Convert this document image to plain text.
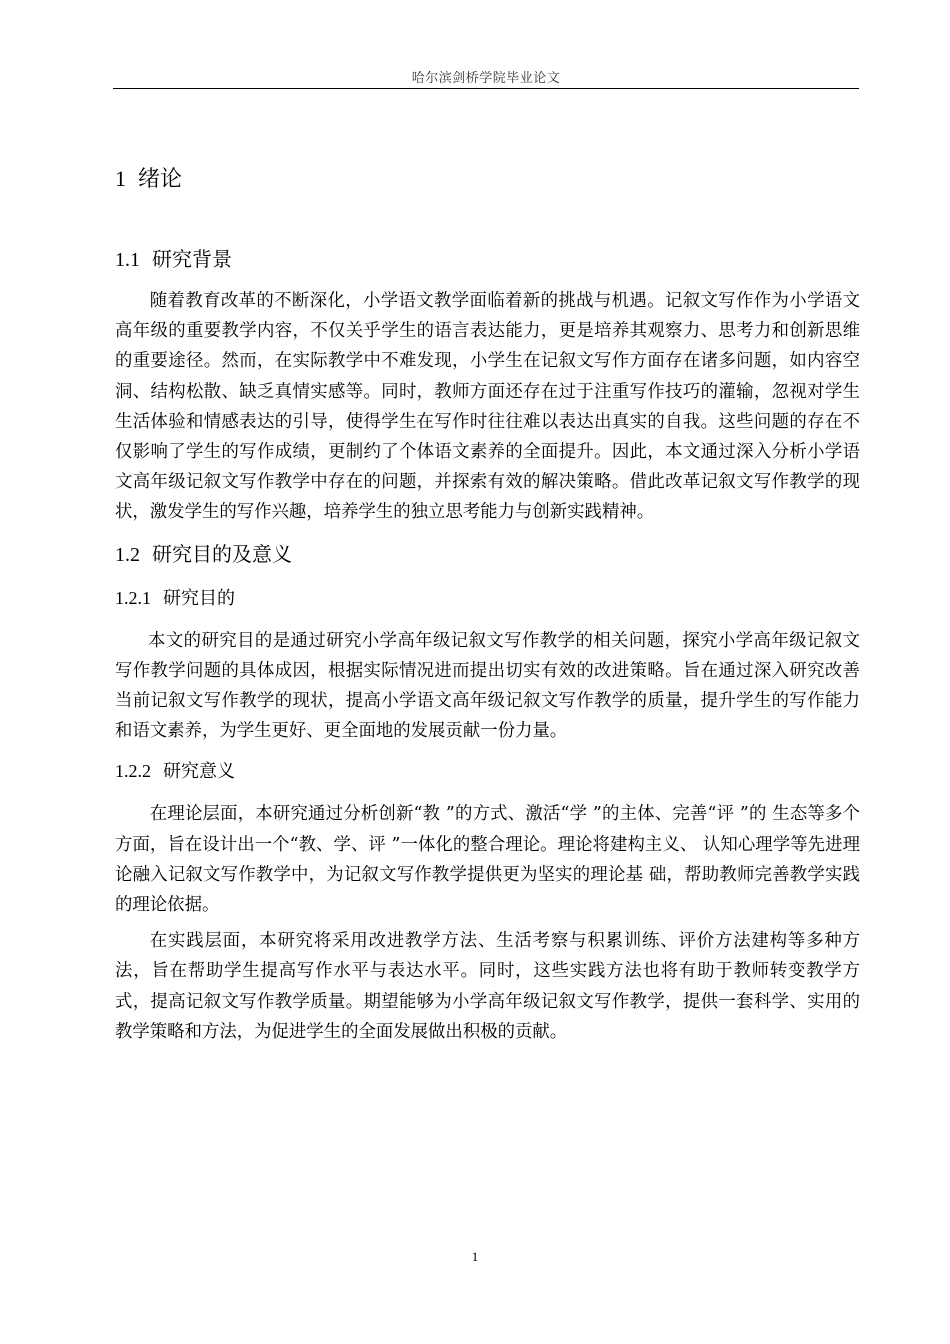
哈尔滨剑桥学院毕业论文
1 绪论
1.1 研究背景

随着教育改革的不断深化，小学语文教学面临着新的挑战与机遇。记叙文写作作为小学语文高年级的重要教学内容，不仅关乎学生的语言表达能力，更是培养其观察力、思考力和创新思维的重要途径。然而，在实际教学中不难发现，小学生在记叙文写作方面存在诸多问题，如内容空洞、结构松散、缺乏真情实感等。同时，教师方面还存在过于注重写作技巧的灌输，忽视对学生生活体验和情感表达的引导，使得学生在写作时往往难以表达出真实的自我。这些问题的存在不仅影响了学生的写作成绩，更制约了个体语文素养的全面提升。因此，本文通过深入分析小学语文高年级记叙文写作教学中存在的问题，并探索有效的解决策略。借此改革记叙文写作教学的现状，激发学生的写作兴趣，培养学生的独立思考能力与创新实践精神。

1.2 研究目的及意义
1.2.1 研究目的

本文的研究目的是通过研究小学高年级记叙文写作教学的相关问题，探究小学高年级记叙文写作教学问题的具体成因，根据实际情况进而提出切实有效的改进策略。旨在通过深入研究改善当前记叙文写作教学的现状，提高小学语文高年级记叙文写作教学的质量，提升学生的写作能力和语文素养，为学生更好、更全面地的发展贡献一份力量。

1.2.2 研究意义

在理论层面，本研究通过分析创新“教 ”的方式、激活“学 ”的主体、完善“评 ”的 生态等多个方面，旨在设计出一个“教、学、评 ”一体化的整合理论。理论将建构主义、 认知心理学等先进理论融入记叙文写作教学中，为记叙文写作教学提供更为坚实的理论基 础，帮助教师完善教学实践的理论依据。

在实践层面，本研究将采用改进教学方法、生活考察与积累训练、评价方法建构等多种方法，旨在帮助学生提高写作水平与表达水平。同时，这些实践方法也将有助于教师转变教学方式，提高记叙文写作教学质量。期望能够为小学高年级记叙文写作教学，提供一套科学、实用的教学策略和方法，为促进学生的全面发展做出积极的贡献。

1
